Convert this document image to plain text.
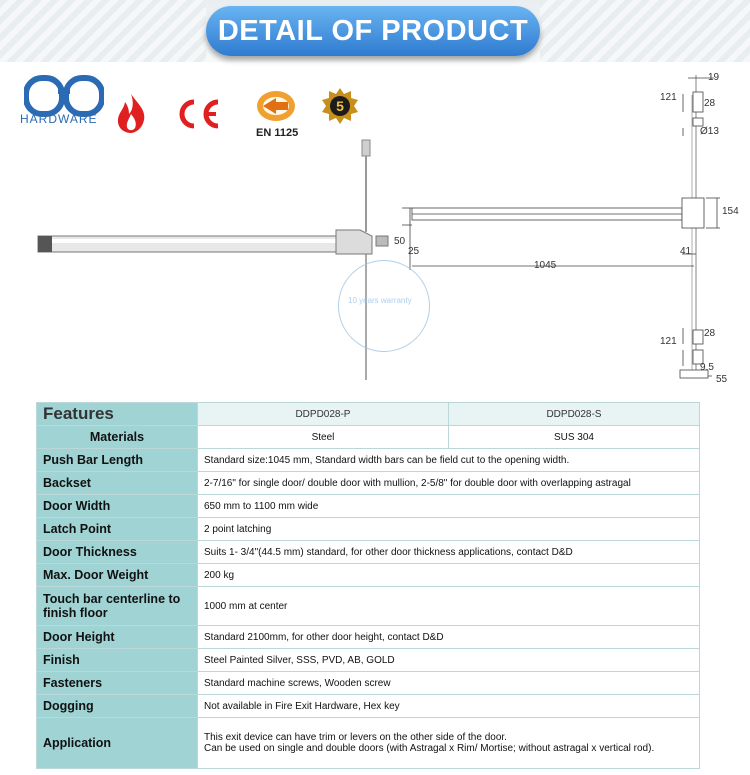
DETAIL OF PRODUCT
HARDWARE
EN 1125
5
19
121
28
Ø13
154
50
25	41
1045
28
121
9.5
55
10 years warranty
Features	DDPD028-P	DDPD028-S
Materials	Steel	SUS 304
Push Bar Length	Standard size:1045 mm, Standard width bars can be field cut to the opening width.	
Backset	2-7/16" for single door/ double door with mullion, 2-5/8" for double door with overlapping astragal	
Door Width	650 mm to 1100 mm wide	
Latch Point	2 point latching	
Door Thickness	Suits 1- 3/4"(44.5 mm) standard, for other door thickness applications, contact D&D	
Max. Door Weight	200 kg	
Touch bar centerline to finish floor	1000 mm at center	
Door Height	Standard 2100mm, for other door height, contact D&D	
Finish	Steel Painted Silver, SSS, PVD, AB, GOLD	
Fasteners	Standard machine screws, Wooden screw	
Dogging	Not available in Fire Exit Hardware, Hex key	
Application	This exit device can have trim or levers on the other side of the door.
Can be used on single and double doors (with Astragal x Rim/ Mortise; without astragal x vertical rod).	
